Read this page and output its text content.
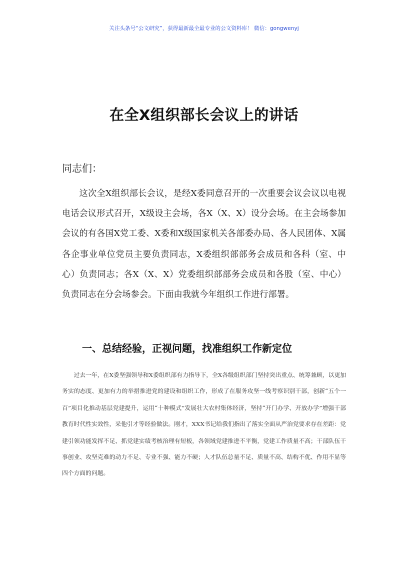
关注头条号“公文研究”，获得最新最全最专业的公文资料库！ 微信：gongwenyj
在全X组织部长会议上的讲话
同志们：

这次全X组织部长会议，是经X委同意召开的一次重要会议会议以电视电话会议形式召开，X级设主会场，各X（X、X）设分会场。在主会场参加会议的有各国X党工委、X委和X级国家机关各部委办局、各人民团体、X属各企事业单位党员主要负责同志，X委组织部部务会成员和各科（室、中心）负责同志；各X（X、X）党委组织部部务会成员和各股（室、中心）负责同志在分会场参会。下面由我就今年组织工作进行部署。

一、总结经验，正视问题，找准组织工作新定位

过去一年，在X委坚强领导和X委组织部有力指导下，全X各级组织部门坚持突出重点、统筹兼顾，以更加务实的态度、更加有力的举措推进党的建设和组织工作，形成了在服务攻坚一线考察识别干部，创新“五个一百”项目化推动基层党建提升，运用“十种模式”发展壮大农村集体经济，坚持“开门办学、开放办学”增强干部教育时代性实效性，采他引才等经验做法。刚才，XXX书记给我们指出了落实全面从严治党要求存在差距：党建引领功能发挥不足、抓党建实绩考核治理有短板，各领域党建推进不平衡，党建工作质量不高；干部队伍干事创业、攻坚克难的动力不足、专业不强、能力不硬；人才队伍总量不足、质量不高、结构不优、作用不显等四个方面的问题。
